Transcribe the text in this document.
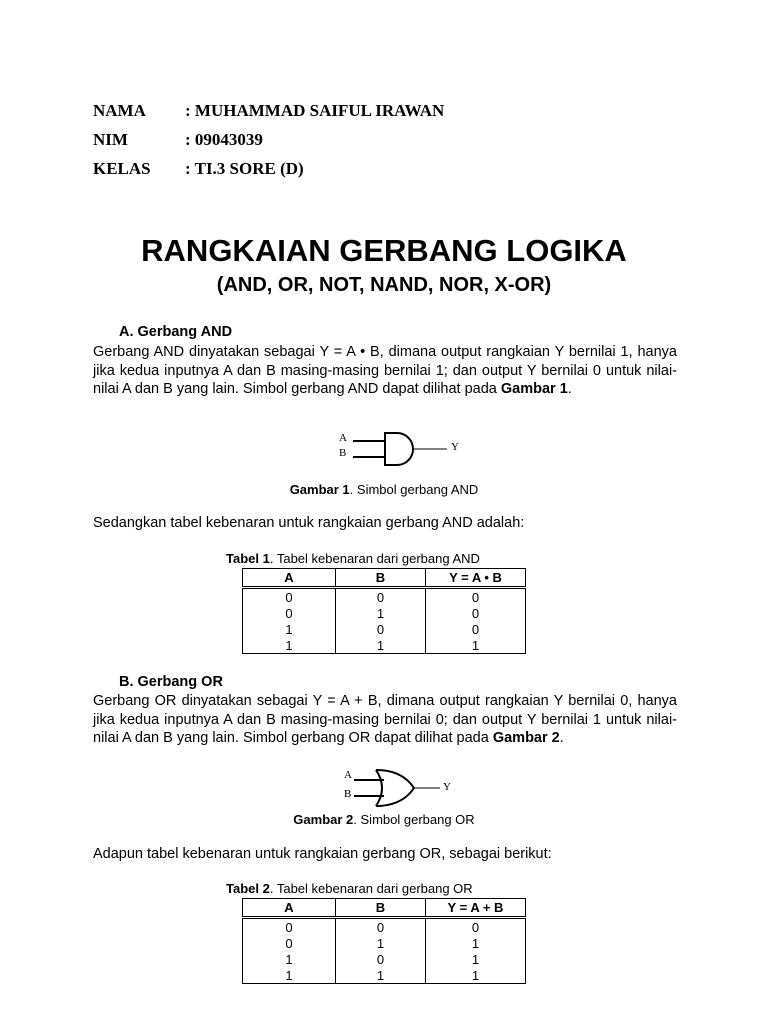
NAMA : MUHAMMAD SAIFUL IRAWAN
NIM	: 09043039
KELAS : TI.3 SORE (D)
RANGKAIAN GERBANG LOGIKA
(AND, OR, NOT, NAND, NOR, X-OR)
A. Gerbang AND
Gerbang AND dinyatakan sebagai Y = A • B, dimana output rangkaian Y bernilai 1, hanya jika kedua inputnya A dan B masing-masing bernilai 1; dan output Y bernilai 0 untuk nilai-nilai A dan B yang lain. Simbol gerbang AND dapat dilihat pada Gambar 1.
A
B	Y
Gambar 1. Simbol gerbang AND
Sedangkan tabel kebenaran untuk rangkaian gerbang AND adalah:
Tabel 1. Tabel kebenaran dari gerbang AND
A	B	Y = A • B
0	0	0
0	1	0
1	0	0
1	1	1
B. Gerbang OR
Gerbang OR dinyatakan sebagai Y = A + B, dimana output rangkaian Y bernilai 0, hanya jika kedua inputnya A dan B masing-masing bernilai 0; dan output Y bernilai 1 untuk nilai-nilai A dan B yang lain. Simbol gerbang OR dapat dilihat pada Gambar 2.
A
B
Y
Gambar 2. Simbol gerbang OR
Adapun tabel kebenaran untuk rangkaian gerbang OR, sebagai berikut:
Tabel 2. Tabel kebenaran dari gerbang OR
A	B	Y = A + B
0	0	0
0	1	1
1	0	1
1	1	1
